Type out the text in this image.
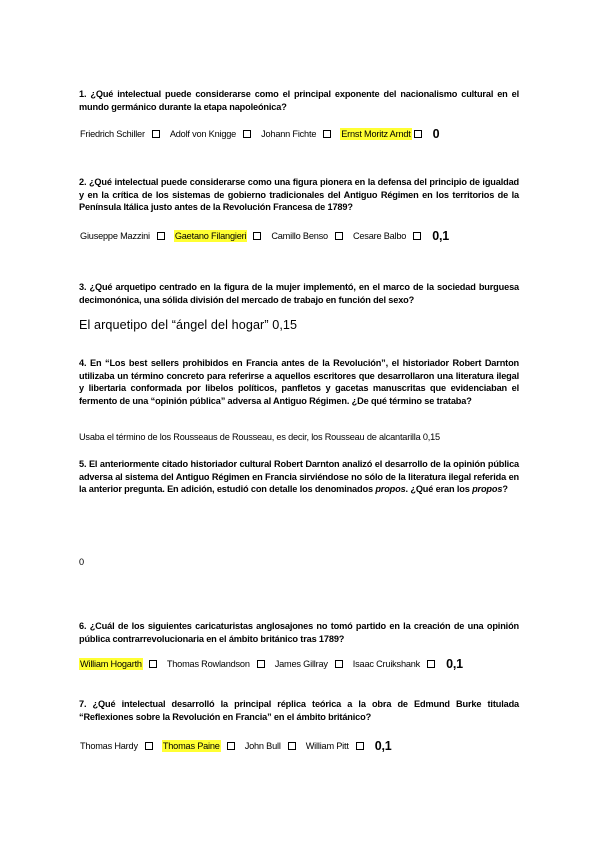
1. ¿Qué intelectual puede considerarse como el principal exponente del nacionalismo cultural en el mundo germánico durante la etapa napoleónica?

Friedrich Schiller	Adolf von Knigge	Johann Fichte	Ernst Moritz Arndt 0

2. ¿Qué intelectual puede considerarse como una figura pionera en la defensa del principio de igualdad y en la crítica de los sistemas de gobierno tradicionales del Antiguo Régimen en los territorios de la Península Itálica justo antes de la Revolución Francesa de 1789?

Giuseppe Mazzini	Gaetano Filangieri	Camillo Benso	Cesare Balbo 0,1

3. ¿Qué arquetipo centrado en la figura de la mujer implementó, en el marco de la sociedad burguesa decimonónica, una sólida división del mercado de trabajo en función del sexo?

El arquetipo del “ángel del hogar” 0,15

4. En “Los best sellers prohibidos en Francia antes de la Revolución”, el historiador Robert Darnton utilizaba un término concreto para referirse a aquellos escritores que desarrollaron una literatura ilegal y libertaria conformada por libelos políticos, panfletos y gacetas manuscritas que evidenciaban el fermento de una “opinión pública” adversa al Antiguo Régimen. ¿De qué término se trataba?

Usaba el término de los Rousseaus de Rousseau, es decir, los Rousseau de alcantarilla 0,15

5. El anteriormente citado historiador cultural Robert Darnton analizó el desarrollo de la opinión pública adversa al sistema del Antiguo Régimen en Francia sirviéndose no sólo de la literatura ilegal referida en la anterior pregunta. En adición, estudió con detalle los denominados propos. ¿Qué eran los propos?

0

6. ¿Cuál de los siguientes caricaturistas anglosajones no tomó partido en la creación de una opinión pública contrarrevolucionaria en el ámbito británico tras 1789?

William Hogarth	Thomas Rowlandson	James Gillray	Isaac Cruikshank 0,1

7. ¿Qué intelectual desarrolló la principal réplica teórica a la obra de Edmund Burke titulada “Reflexiones sobre la Revolución en Francia” en el ámbito británico?

Thomas Hardy	Thomas Paine	John Bull	William Pitt 0,1
